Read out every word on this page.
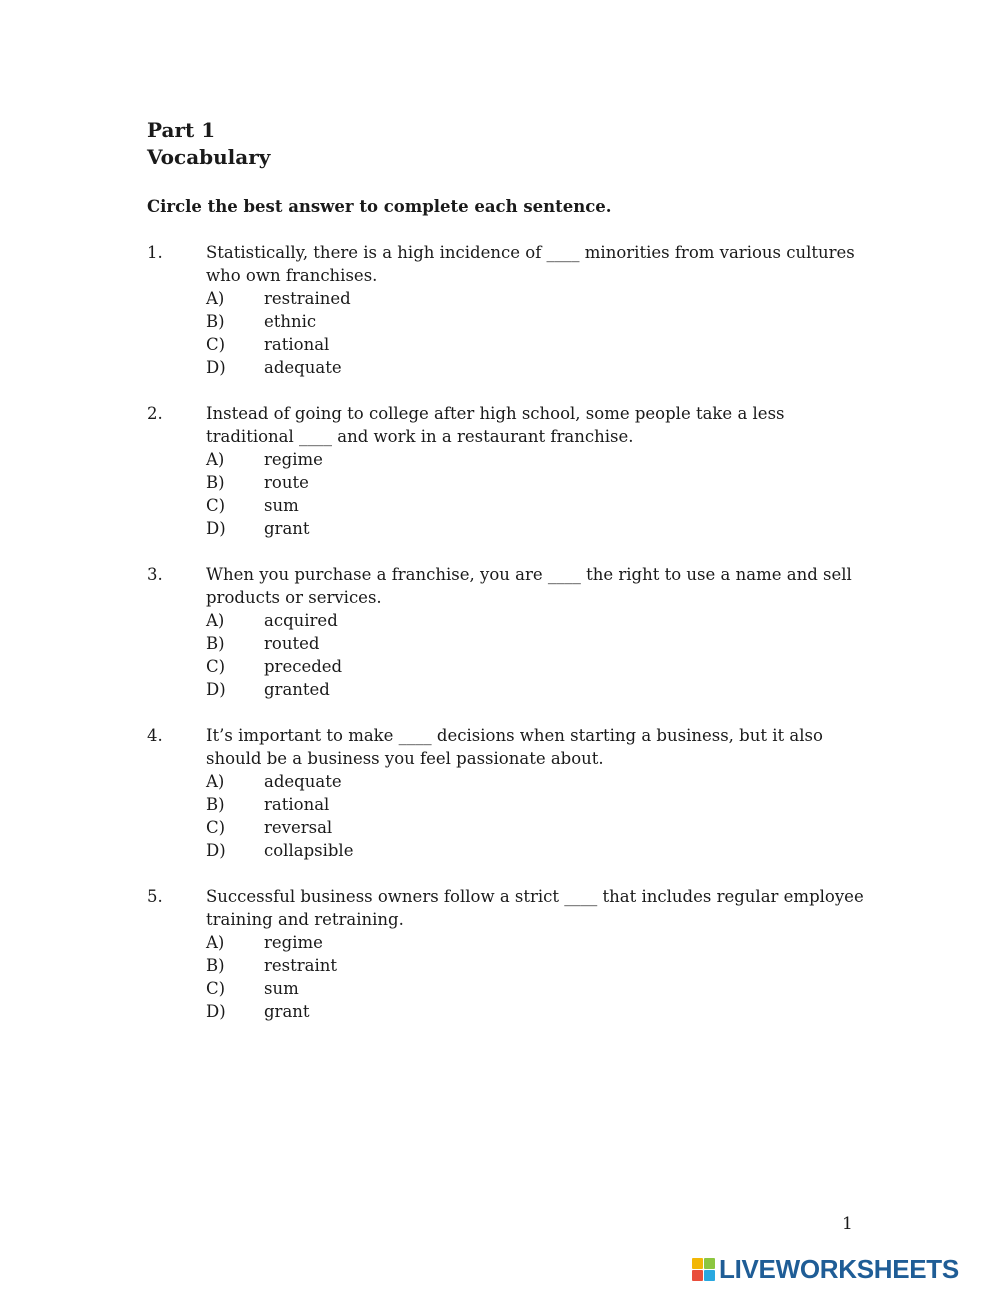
Part 1
Vocabulary
Circle the best answer to complete each sentence.
1.	Statistically, there is a high incidence of ____ minorities from various cultures who own franchises.
A) restrained
B) ethnic
C) rational
D) adequate
2.	Instead of going to college after high school, some people take a less traditional ____ and work in a restaurant franchise.
A) regime
B) route
C) sum
D) grant
3.	When you purchase a franchise, you are ____ the right to use a name and sell products or services.
A) acquired
B) routed
C) preceded
D) granted
4.	It’s important to make ____ decisions when starting a business, but it also should be a business you feel passionate about.
A) adequate
B) rational
C) reversal
D) collapsible
5.	Successful business owners follow a strict ____ that includes regular employee training and retraining.
A) regime
B) restraint
C) sum
D) grant
1
LIVEWORKSHEETS
